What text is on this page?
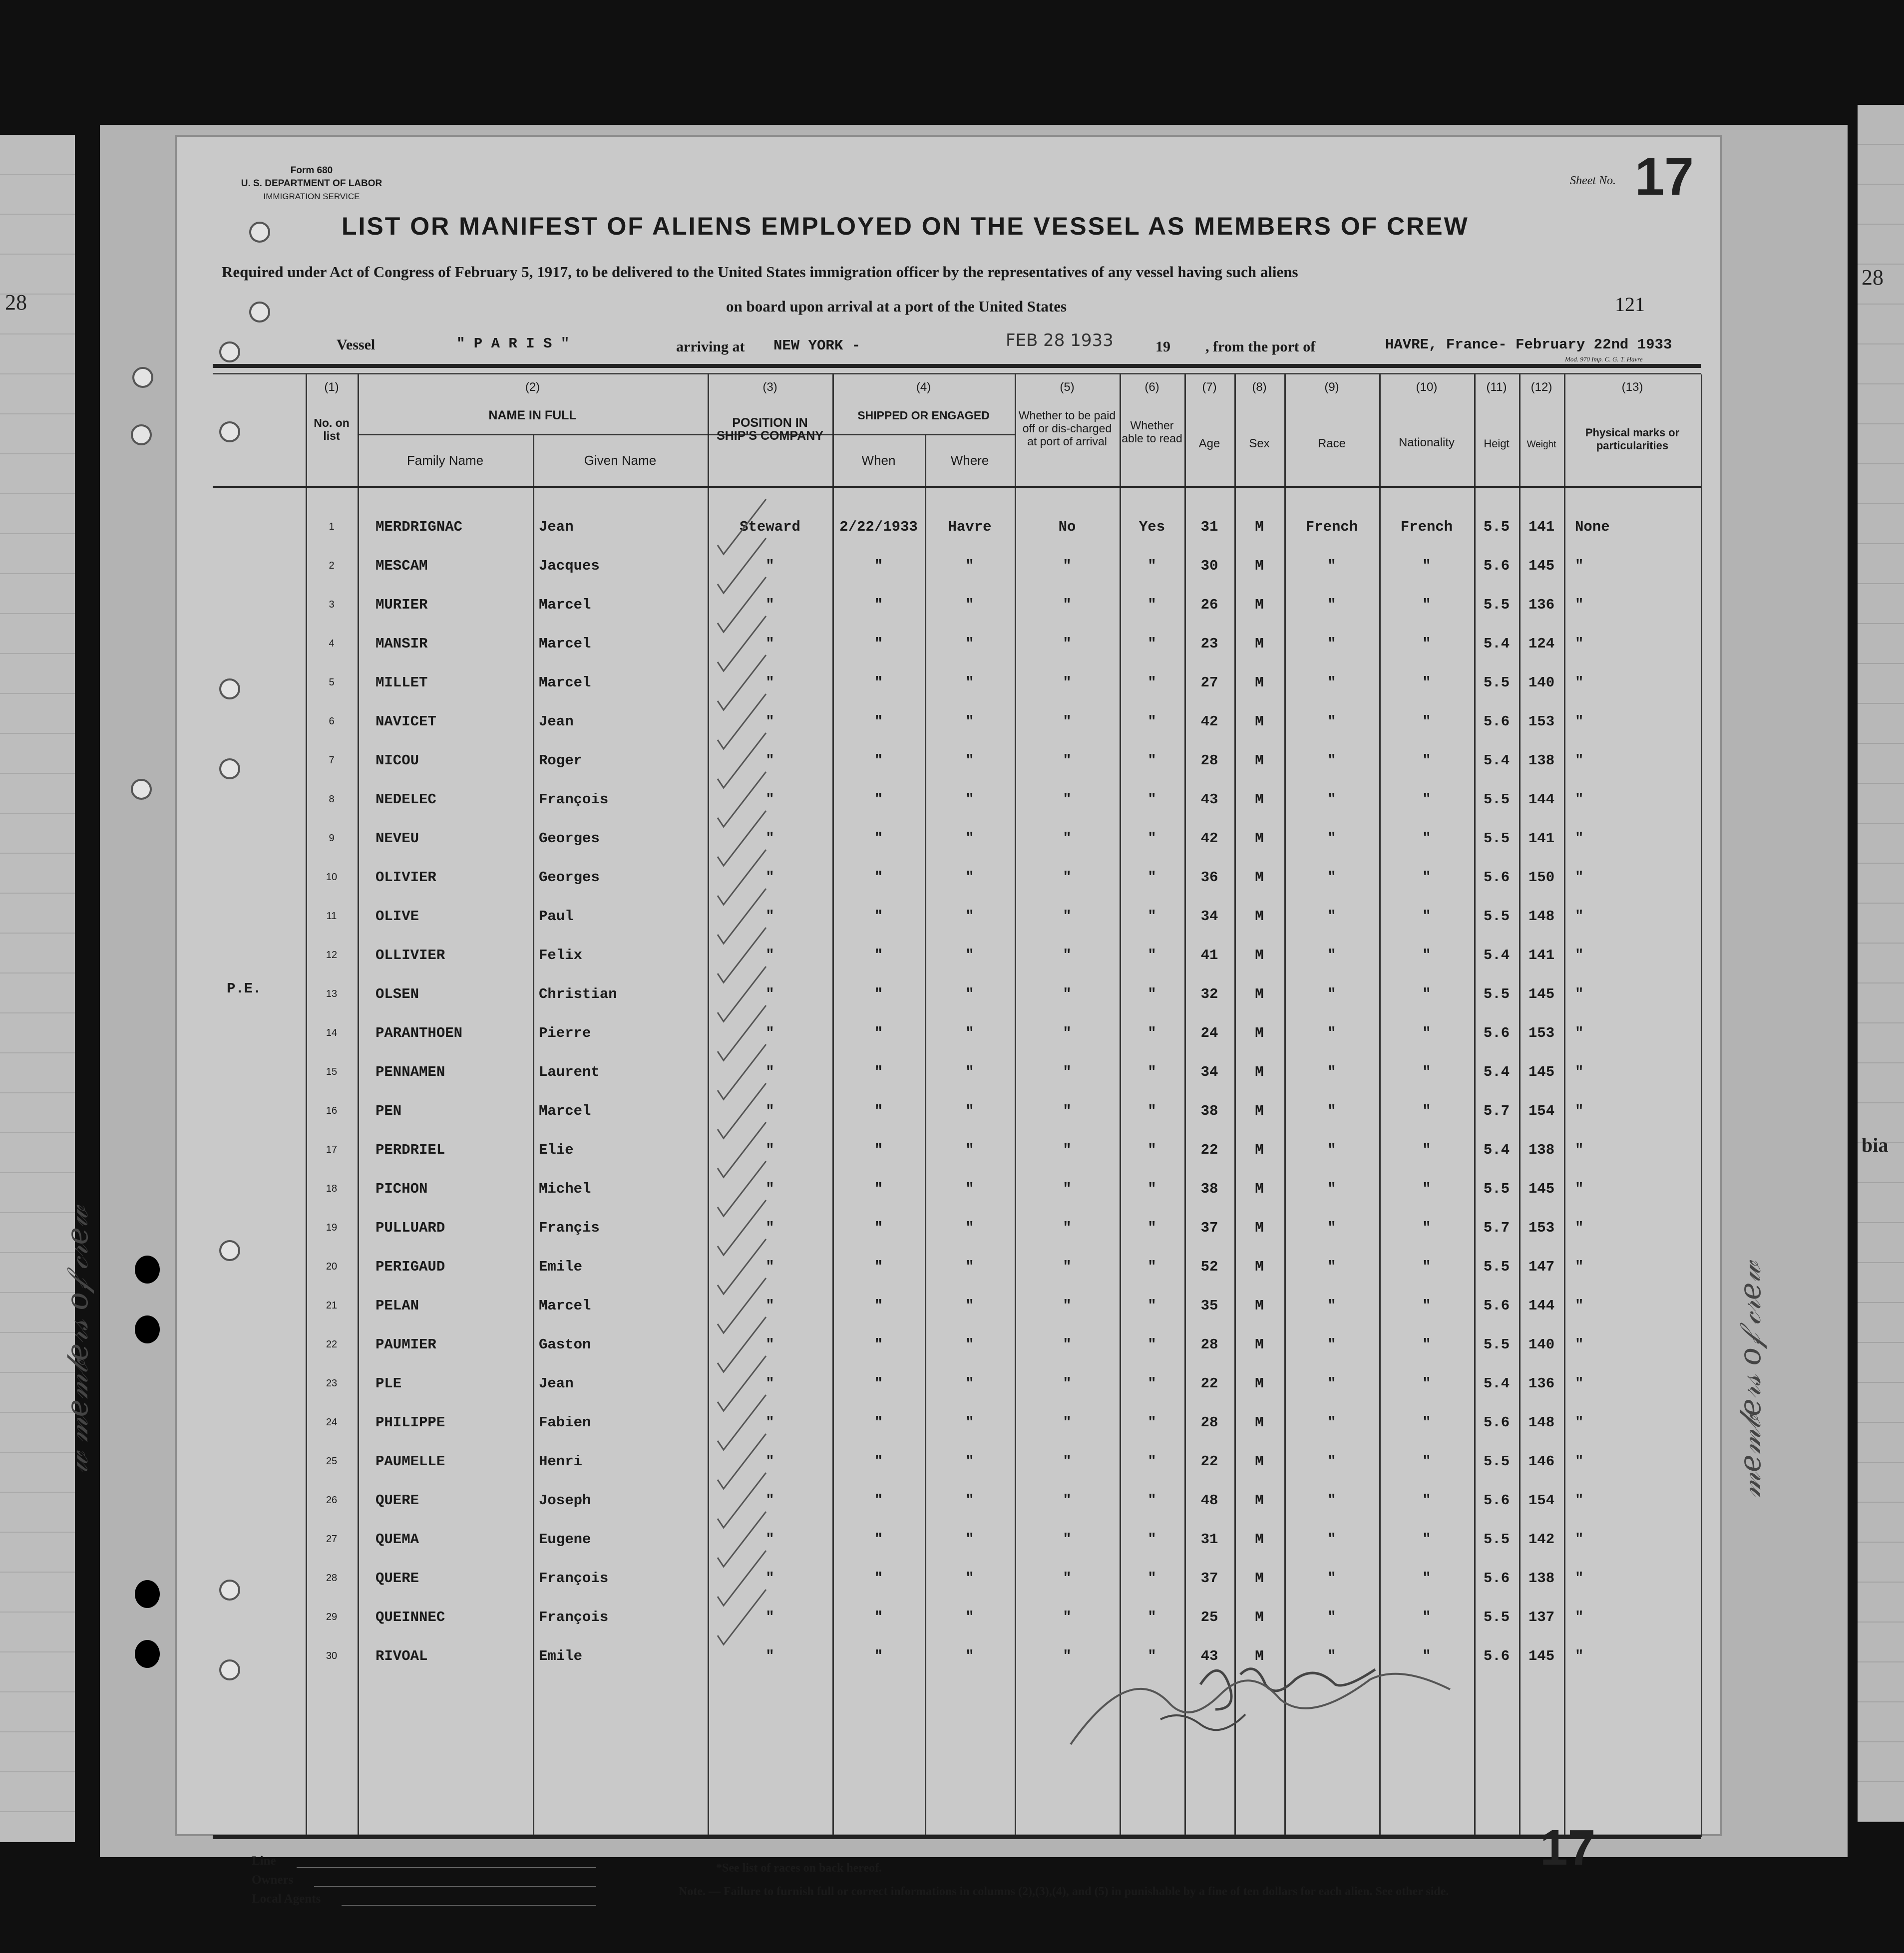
28
28
bia
Form 680
U. S. DEPARTMENT OF LABOR
IMMIGRATION SERVICE
Sheet No. 17
LIST OR MANIFEST OF ALIENS EMPLOYED ON THE VESSEL AS MEMBERS OF CREW
Required under Act of Congress of February 5, 1917, to be delivered to the United States immigration officer by the representatives of any vessel having such aliens
on board upon arrival at a port of the United States	121
Vessel	" P A R I S "	arriving at NEW YORK -	FEB 28 1933	19 , from the port of	HAVRE, France- February 22nd 1933
Mod. 970 Imp. C. G. T. Havre
(1)	(2)	(3)	(4)	(5)	(6)	(7)	(8)	(9)	(10)	(11)	(12)	(13)
No. on list
NAME IN FULL
Family Name	Given Name
POSITION IN SHIP'S COMPANY
SHIPPED OR ENGAGED
When	Where
Whether to be paid off or dis-charged at port of arrival
Whether able to read	Age	Sex	Race	Nationality	Heigt	Weight
Physical marks or particularities
1	MERDRIGNAC	Jean	Steward	2/22/1933	Havre	No	Yes	31	M	French	French	5.5	141	None
2	MESCAM	Jacques	"	"	"	"	"	30	M	"	"	5.6	145	"
3	MURIER	Marcel	"	"	"	"	"	26	M	"	"	5.5	136	"
4	MANSIR	Marcel	"	"	"	"	"	23	M	"	"	5.4	124	"
5	MILLET	Marcel	"	"	"	"	"	27	M	"	"	5.5	140	"
6	NAVICET	Jean	"	"	"	"	"	42	M	"	"	5.6	153	"
7	NICOU	Roger	"	"	"	"	"	28	M	"	"	5.4	138	"
8	NEDELEC	François	"	"	"	"	"	43	M	"	"	5.5	144	"
9	NEVEU	Georges	"	"	"	"	"	42	M	"	"	5.5	141	"
10	OLIVIER	Georges	"	"	"	"	"	36	M	"	"	5.6	150	"
11	OLIVE	Paul	"	"	"	"	"	34	M	"	"	5.5	148	"
12	OLLIVIER	Felix	"	"	"	"	"	41	M	"	"	5.4	141	"
13	OLSEN	Christian	"	"	"	"	"	32	M	"	"	5.5	145	"
14	PARANTHOEN	Pierre	"	"	"	"	"	24	M	"	"	5.6	153	"
15	PENNAMEN	Laurent	"	"	"	"	"	34	M	"	"	5.4	145	"
16	PEN	Marcel	"	"	"	"	"	38	M	"	"	5.7	154	"
17	PERDRIEL	Elie	"	"	"	"	"	22	M	"	"	5.4	138	"
18	PICHON	Michel	"	"	"	"	"	38	M	"	"	5.5	145	"
19	PULLUARD	Françis	"	"	"	"	"	37	M	"	"	5.7	153	"
20	PERIGAUD	Emile	"	"	"	"	"	52	M	"	"	5.5	147	"
21	PELAN	Marcel	"	"	"	"	"	35	M	"	"	5.6	144	"
22	PAUMIER	Gaston	"	"	"	"	"	28	M	"	"	5.5	140	"
23	PLE	Jean	"	"	"	"	"	22	M	"	"	5.4	136	"
24	PHILIPPE	Fabien	"	"	"	"	"	28	M	"	"	5.6	148	"
25	PAUMELLE	Henri	"	"	"	"	"	22	M	"	"	5.5	146	"
26	QUERE	Joseph	"	"	"	"	"	48	M	"	"	5.6	154	"
27	QUEMA	Eugene	"	"	"	"	"	31	M	"	"	5.5	142	"
28	QUERE	François	"	"	"	"	"	37	M	"	"	5.6	138	"
29	QUEINNEC	François	"	"	"	"	"	25	M	"	"	5.5	137	"
30	RIVOAL	Emile	"	"	"	"	"	43	M	"	"	5.6	145	"
P.E.
Line
Owners
Local Agents
*See list of races on back hereof.
Note. — Failure to furnish full or correct informations in columns (2),(3),(4), and (5) in punishable by a fine of ten dollars for each alien. See other side.
17
𝓌 𝓂𝑒𝓂𝒷𝑒𝓇𝓈 𝑜𝒻 𝒸𝓇𝑒𝓌	𝓂𝑒𝓂𝒷𝑒𝓇𝓈 𝑜𝒻 𝒸𝓇𝑒𝓌
